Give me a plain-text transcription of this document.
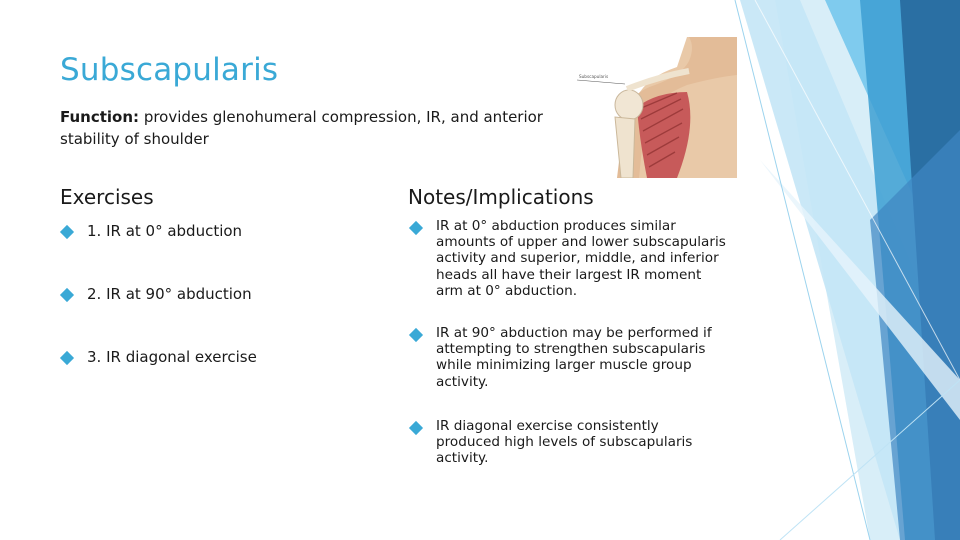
Subscapularis
Subscapularis
Function: provides glenohumeral compression, IR, and anterior stability of shoulder
Exercises	Notes/Implications
1. IR at 0° abduction
2. IR at 90° abduction
3. IR diagonal exercise
IR at 0° abduction produces similar amounts of upper and lower subscapularis activity and superior, middle, and inferior heads all have their largest IR moment arm at 0° abduction.
IR at 90° abduction may be performed if attempting to strengthen subscapularis while minimizing larger muscle group activity.
IR diagonal exercise consistently produced high levels of subscapularis activity.
